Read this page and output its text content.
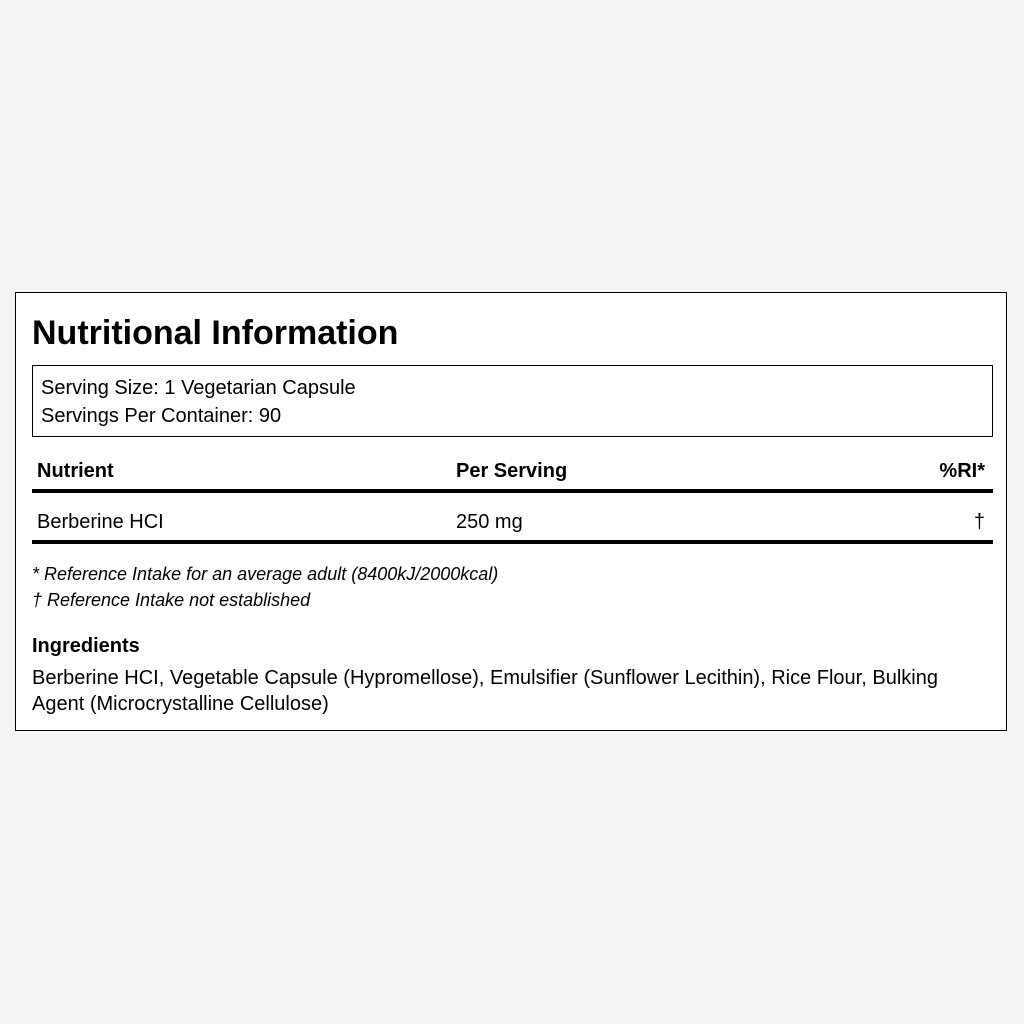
Nutritional Information
Serving Size: 1 Vegetarian Capsule
Servings Per Container: 90
Nutrient	Per Serving	%RI*
Berberine HCI	250 mg	†
* Reference Intake for an average adult (8400kJ/2000kcal)
† Reference Intake not established
Ingredients
Berberine HCI, Vegetable Capsule (Hypromellose), Emulsifier (Sunflower Lecithin), Rice Flour, Bulking Agent (Microcrystalline Cellulose)
